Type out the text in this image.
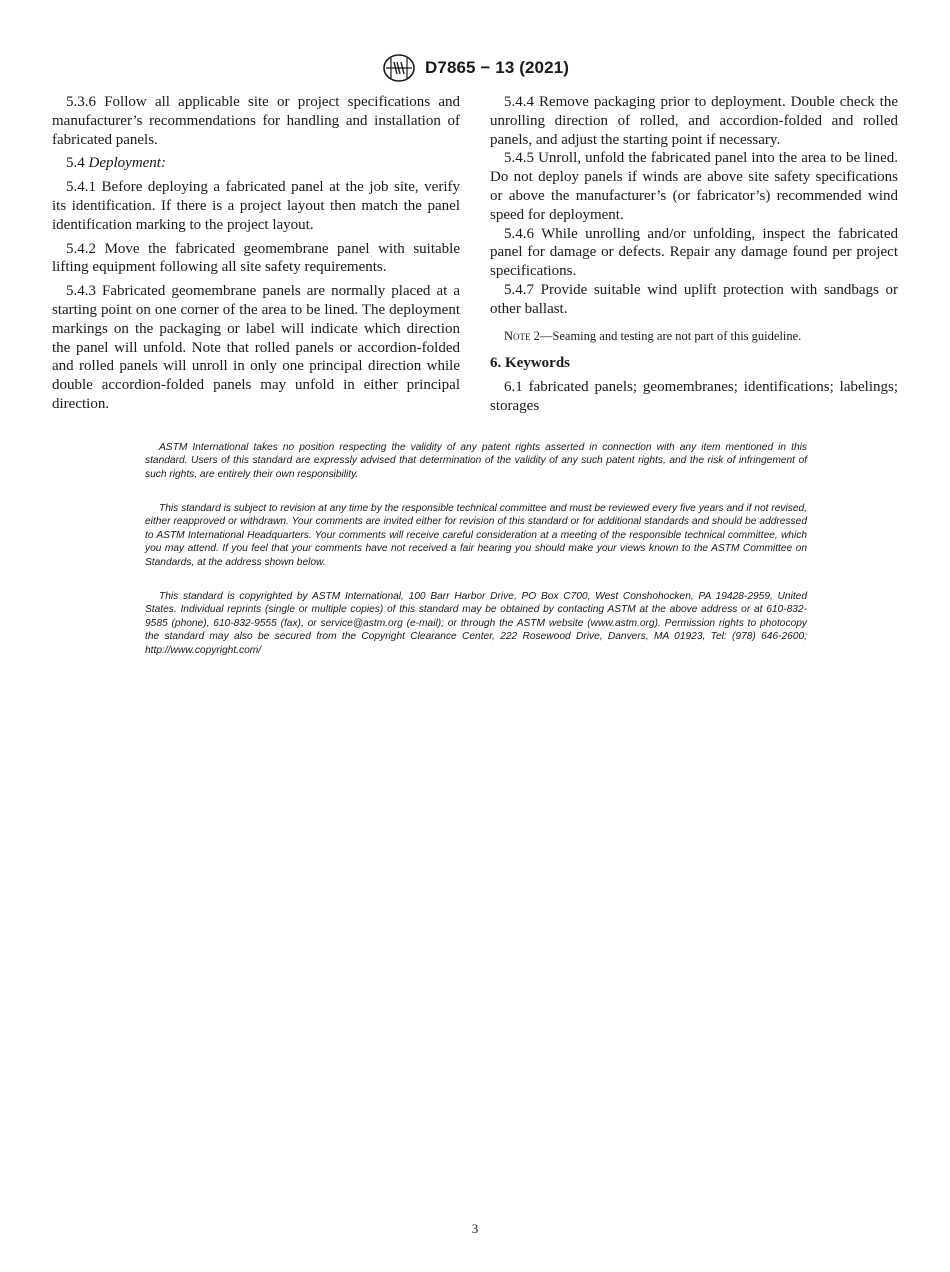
D7865 − 13 (2021)

5.3.6 Follow all applicable site or project specifications and manufacturer’s recommendations for handling and installation of fabricated panels.

5.4 Deployment:

5.4.1 Before deploying a fabricated panel at the job site, verify its identification. If there is a project layout then match the panel identification marking to the project layout.

5.4.2 Move the fabricated geomembrane panel with suitable lifting equipment following all site safety requirements.

5.4.3 Fabricated geomembrane panels are normally placed at a starting point on one corner of the area to be lined. The deployment markings on the packaging or label will indicate which direction the panel will unfold. Note that rolled panels or accordion-folded and rolled panels will unroll in only one principal direction while double accordion-folded panels may unfold in either principal direction.

5.4.4 Remove packaging prior to deployment. Double check the unrolling direction of rolled, and accordion-folded and rolled panels, and adjust the starting point if necessary.

5.4.5 Unroll, unfold the fabricated panel into the area to be lined. Do not deploy panels if winds are above site safety specifications or above the manufacturer’s (or fabricator’s) recommended wind speed for deployment.

5.4.6 While unrolling and/or unfolding, inspect the fabricated panel for damage or defects. Repair any damage found per project specifications.

5.4.7 Provide suitable wind uplift protection with sandbags or other ballast.

Note 2—Seaming and testing are not part of this guideline.

6. Keywords

6.1 fabricated panels; geomembranes; identifications; labelings; storages

ASTM International takes no position respecting the validity of any patent rights asserted in connection with any item mentioned in this standard. Users of this standard are expressly advised that determination of the validity of any such patent rights, and the risk of infringement of such rights, are entirely their own responsibility.

This standard is subject to revision at any time by the responsible technical committee and must be reviewed every five years and if not revised, either reapproved or withdrawn. Your comments are invited either for revision of this standard or for additional standards and should be addressed to ASTM International Headquarters. Your comments will receive careful consideration at a meeting of the responsible technical committee, which you may attend. If you feel that your comments have not received a fair hearing you should make your views known to the ASTM Committee on Standards, at the address shown below.

This standard is copyrighted by ASTM International, 100 Barr Harbor Drive, PO Box C700, West Conshohocken, PA 19428-2959, United States. Individual reprints (single or multiple copies) of this standard may be obtained by contacting ASTM at the above address or at 610-832-9585 (phone), 610-832-9555 (fax), or service@astm.org (e-mail); or through the ASTM website (www.astm.org). Permission rights to photocopy the standard may also be secured from the Copyright Clearance Center, 222 Rosewood Drive, Danvers, MA 01923, Tel: (978) 646-2600; http://www.copyright.com/

3
